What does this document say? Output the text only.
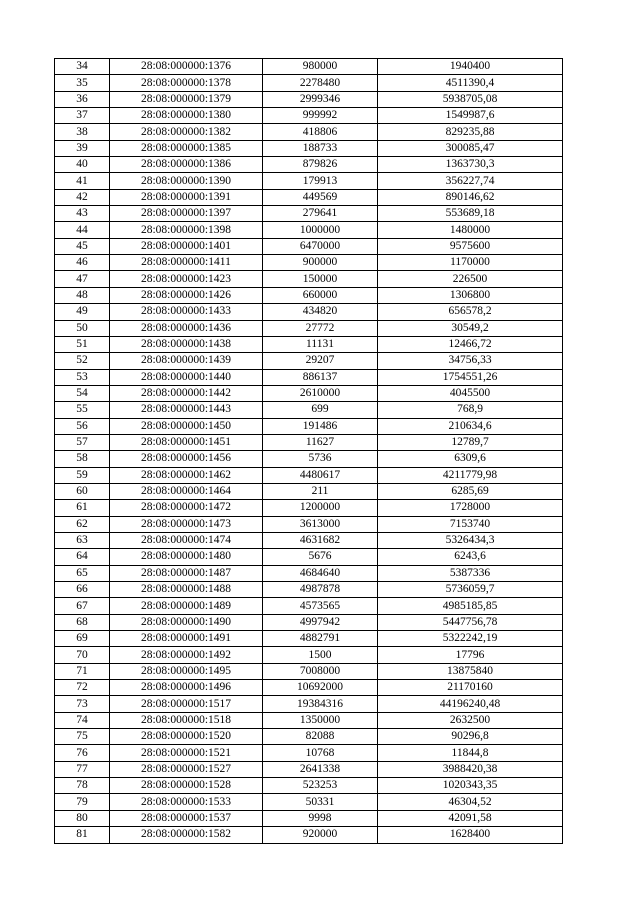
34	28:08:000000:1376	980000	1940400
35	28:08:000000:1378	2278480	4511390,4
36	28:08:000000:1379	2999346	5938705,08
37	28:08:000000:1380	999992	1549987,6
38	28:08:000000:1382	418806	829235,88
39	28:08:000000:1385	188733	300085,47
40	28:08:000000:1386	879826	1363730,3
41	28:08:000000:1390	179913	356227,74
42	28:08:000000:1391	449569	890146,62
43	28:08:000000:1397	279641	553689,18
44	28:08:000000:1398	1000000	1480000
45	28:08:000000:1401	6470000	9575600
46	28:08:000000:1411	900000	1170000
47	28:08:000000:1423	150000	226500
48	28:08:000000:1426	660000	1306800
49	28:08:000000:1433	434820	656578,2
50	28:08:000000:1436	27772	30549,2
51	28:08:000000:1438	11131	12466,72
52	28:08:000000:1439	29207	34756,33
53	28:08:000000:1440	886137	1754551,26
54	28:08:000000:1442	2610000	4045500
55	28:08:000000:1443	699	768,9
56	28:08:000000:1450	191486	210634,6
57	28:08:000000:1451	11627	12789,7
58	28:08:000000:1456	5736	6309,6
59	28:08:000000:1462	4480617	4211779,98
60	28:08:000000:1464	211	6285,69
61	28:08:000000:1472	1200000	1728000
62	28:08:000000:1473	3613000	7153740
63	28:08:000000:1474	4631682	5326434,3
64	28:08:000000:1480	5676	6243,6
65	28:08:000000:1487	4684640	5387336
66	28:08:000000:1488	4987878	5736059,7
67	28:08:000000:1489	4573565	4985185,85
68	28:08:000000:1490	4997942	5447756,78
69	28:08:000000:1491	4882791	5322242,19
70	28:08:000000:1492	1500	17796
71	28:08:000000:1495	7008000	13875840
72	28:08:000000:1496	10692000	21170160
73	28:08:000000:1517	19384316	44196240,48
74	28:08:000000:1518	1350000	2632500
75	28:08:000000:1520	82088	90296,8
76	28:08:000000:1521	10768	11844,8
77	28:08:000000:1527	2641338	3988420,38
78	28:08:000000:1528	523253	1020343,35
79	28:08:000000:1533	50331	46304,52
80	28:08:000000:1537	9998	42091,58
81	28:08:000000:1582	920000	1628400
